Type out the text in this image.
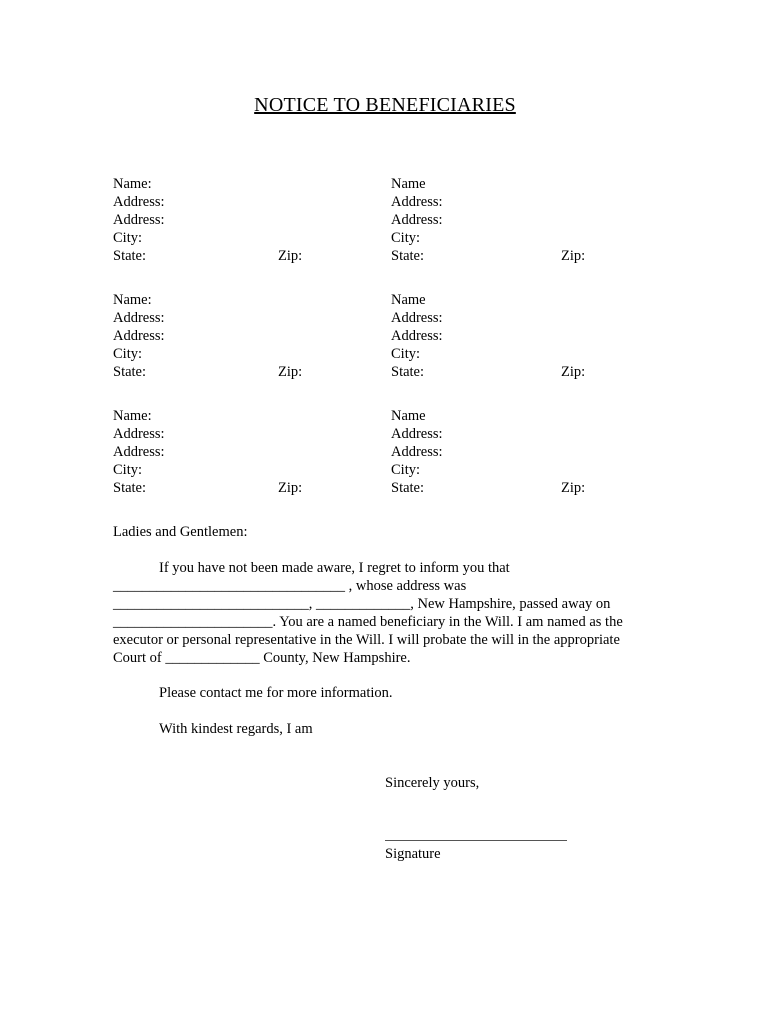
NOTICE TO BENEFICIARIES
Name:
Address:
Address:
City:
State:	Zip:
Name
Address:
Address:
City:
State:	Zip:
Name:
Address:
Address:
City:
State:	Zip:
Name
Address:
Address:
City:
State:	Zip:
Name:
Address:
Address:
City:
State:	Zip:
Name
Address:
Address:
City:
State:	Zip:
Ladies and Gentlemen:
If you have not been made aware, I regret to inform you that
________________________________ , whose address was
___________________________, _____________, New Hampshire, passed away on
______________________. You are a named beneficiary in the Will. I am named as the
executor or personal representative in the Will. I will probate the will in the appropriate
Court of _____________ County, New Hampshire.
Please contact me for more information.
With kindest regards, I am
Sincerely yours,
Signature
